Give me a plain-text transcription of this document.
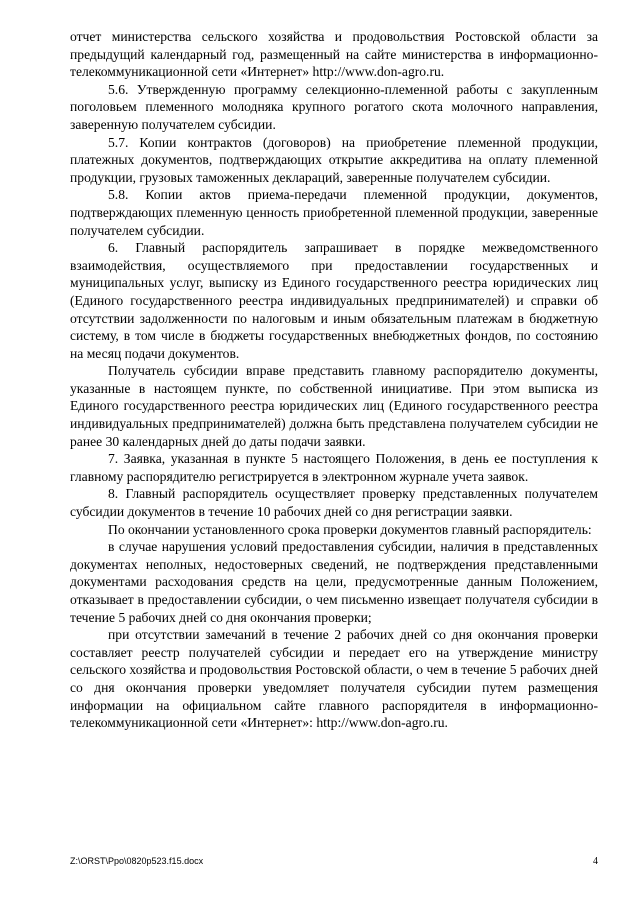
отчет министерства сельского хозяйства и продовольствия Ростовской области за предыдущий календарный год, размещенный на сайте министерства в информационно-телекоммуникационной сети «Интернет» http://www.don-agro.ru.

5.6. Утвержденную программу селекционно-племенной работы с закупленным поголовьем племенного молодняка крупного рогатого скота молочного направления, заверенную получателем субсидии.

5.7. Копии контрактов (договоров) на приобретение племенной продукции, платежных документов, подтверждающих открытие аккредитива на оплату племенной продукции, грузовых таможенных деклараций, заверенные получателем субсидии.

5.8. Копии актов приема-передачи племенной продукции, документов, подтверждающих племенную ценность приобретенной племенной продукции, заверенные получателем субсидии.

6. Главный распорядитель запрашивает в порядке межведомственного взаимодействия, осуществляемого при предоставлении государственных и муниципальных услуг, выписку из Единого государственного реестра юридических лиц (Единого государственного реестра индивидуальных предпринимателей) и справки об отсутствии задолженности по налоговым и иным обязательным платежам в бюджетную систему, в том числе в бюджеты государственных внебюджетных фондов, по состоянию на месяц подачи документов.

Получатель субсидии вправе представить главному распорядителю документы, указанные в настоящем пункте, по собственной инициативе. При этом выписка из Единого государственного реестра юридических лиц (Единого государственного реестра индивидуальных предпринимателей) должна быть представлена получателем субсидии не ранее 30 календарных дней до даты подачи заявки.

7. Заявка, указанная в пункте 5 настоящего Положения, в день ее поступления к главному распорядителю регистрируется в электронном журнале учета заявок.

8. Главный распорядитель осуществляет проверку представленных получателем субсидии документов в течение 10 рабочих дней со дня регистрации заявки.

По окончании установленного срока проверки документов главный распорядитель:

в случае нарушения условий предоставления субсидии, наличия в представленных документах неполных, недостоверных сведений, не подтверждения представленными документами расходования средств на цели, предусмотренные данным Положением, отказывает в предоставлении субсидии, о чем письменно извещает получателя субсидии в течение 5 рабочих дней со дня окончания проверки;

при отсутствии замечаний в течение 2 рабочих дней со дня окончания проверки составляет реестр получателей субсидии и передает его на утверждение министру сельского хозяйства и продовольствия Ростовской области, о чем в течение 5 рабочих дней со дня окончания проверки уведомляет получателя субсидии путем размещения информации на официальном сайте главного распорядителя в информационно-телекоммуникационной сети «Интернет»: http://www.don-agro.ru.

Z:\ORST\Ppo\0820p523.f15.docx	4
